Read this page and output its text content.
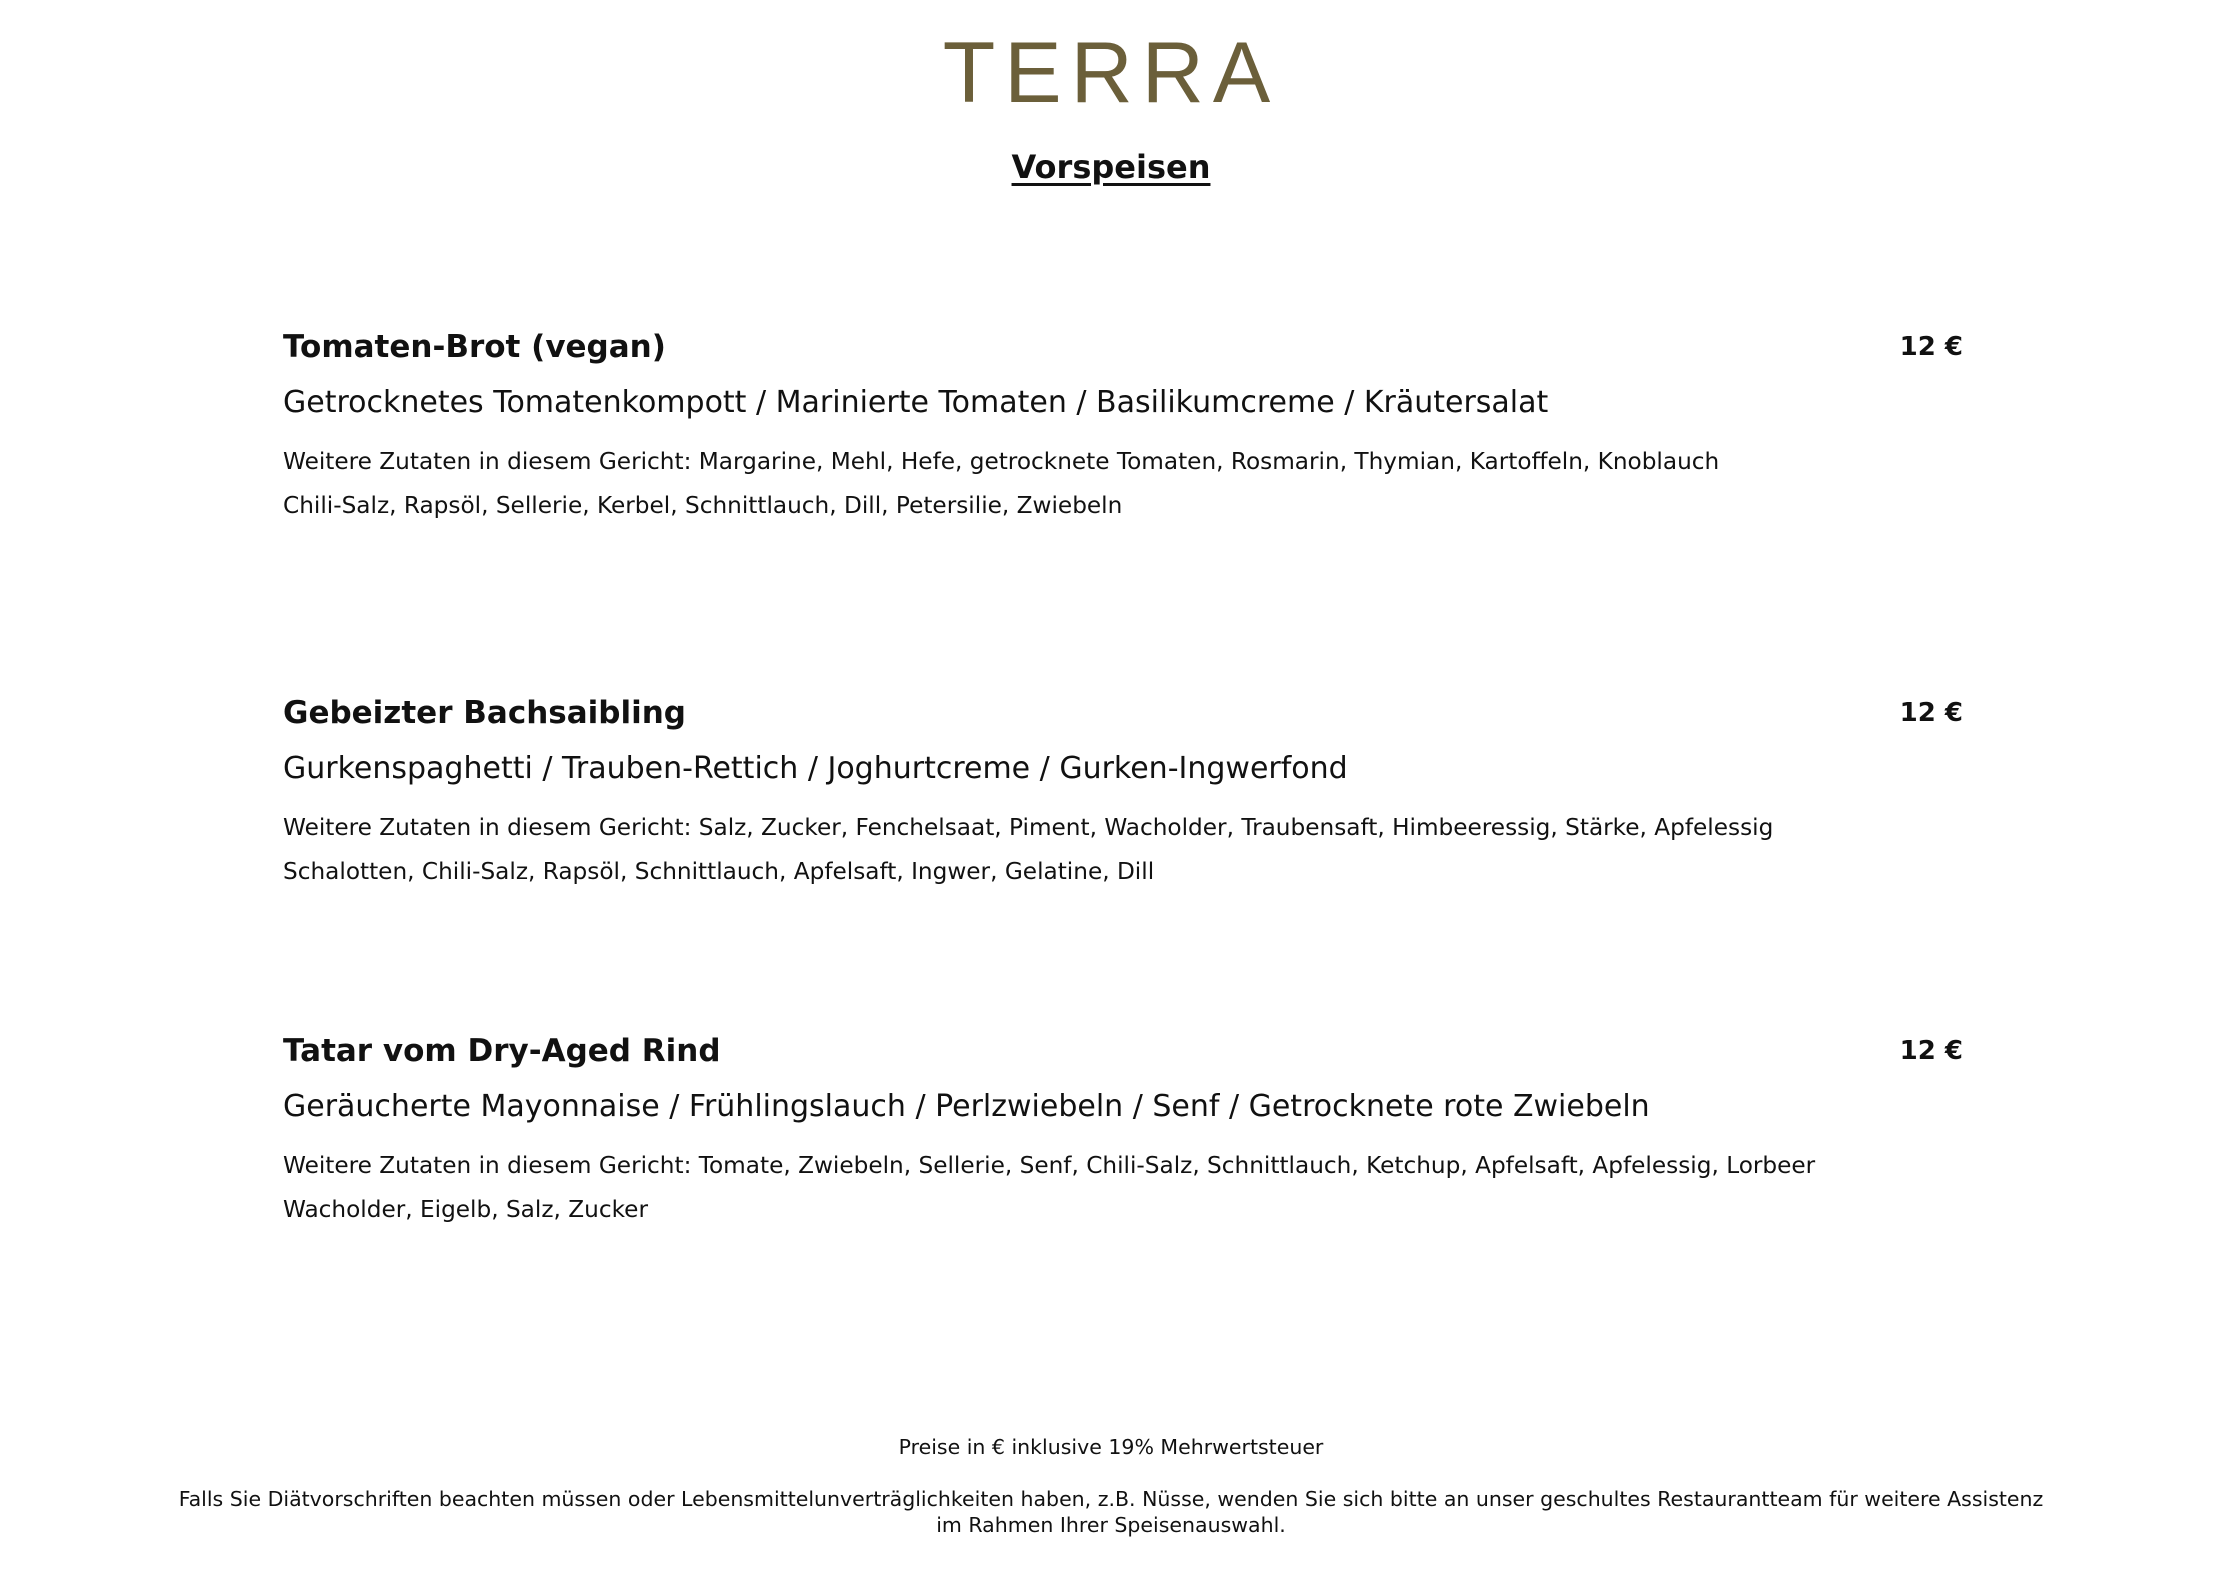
TERRA
Vorspeisen
Tomaten-Brot (vegan)	12 €
Getrocknetes Tomatenkompott / Marinierte Tomaten / Basilikumcreme / Kräutersalat
Weitere Zutaten in diesem Gericht: Margarine, Mehl, Hefe, getrocknete Tomaten, Rosmarin, Thymian, Kartoffeln, Knoblauch
Chili-Salz, Rapsöl, Sellerie, Kerbel, Schnittlauch, Dill, Petersilie, Zwiebeln
Gebeizter Bachsaibling	12 €
Gurkenspaghetti / Trauben-Rettich / Joghurtcreme / Gurken-Ingwerfond
Weitere Zutaten in diesem Gericht: Salz, Zucker, Fenchelsaat, Piment, Wacholder, Traubensaft, Himbeeressig, Stärke, Apfelessig
Schalotten, Chili-Salz, Rapsöl, Schnittlauch, Apfelsaft, Ingwer, Gelatine, Dill
Tatar vom Dry-Aged Rind	12 €
Geräucherte Mayonnaise / Frühlingslauch / Perlzwiebeln / Senf / Getrocknete rote Zwiebeln
Weitere Zutaten in diesem Gericht: Tomate, Zwiebeln, Sellerie, Senf, Chili-Salz, Schnittlauch, Ketchup, Apfelsaft, Apfelessig, Lorbeer
Wacholder, Eigelb, Salz, Zucker
Preise in € inklusive 19% Mehrwertsteuer
Falls Sie Diätvorschriften beachten müssen oder Lebensmittelunverträglichkeiten haben, z.B. Nüsse, wenden Sie sich bitte an unser geschultes Restaurantteam für weitere Assistenz
im Rahmen Ihrer Speisenauswahl.
